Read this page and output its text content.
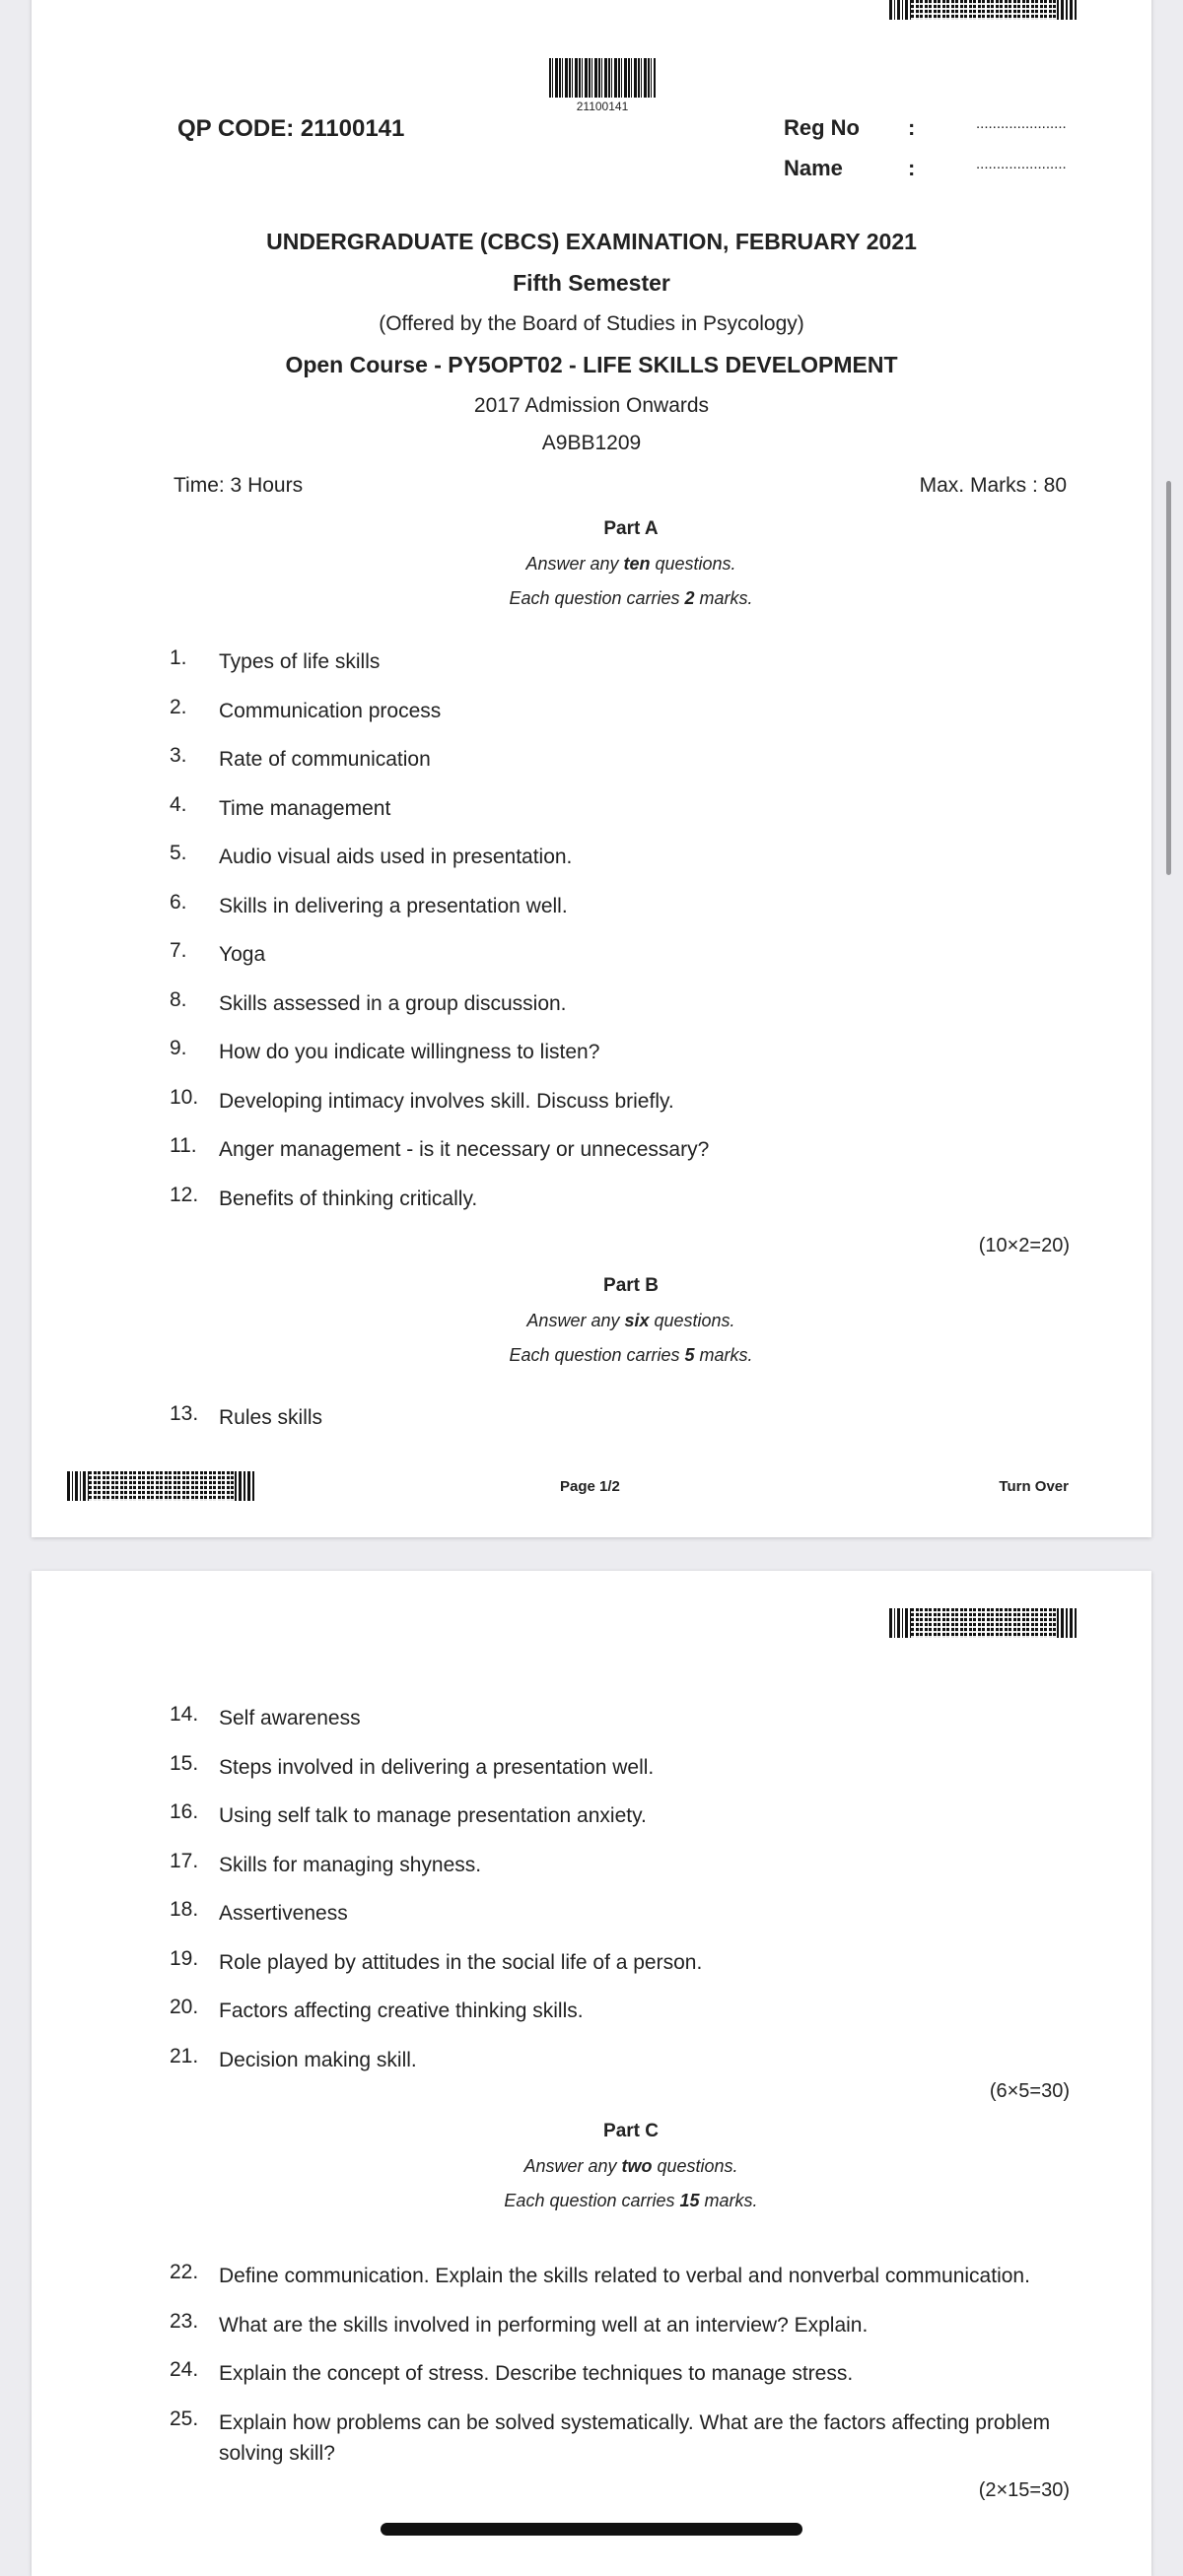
21100141
QP CODE: 21100141	Reg No :	......................
Name	:	......................
UNDERGRADUATE (CBCS) EXAMINATION, FEBRUARY 2021
Fifth Semester
(Offered by the Board of Studies in Psycology)
Open Course - PY5OPT02 - LIFE SKILLS DEVELOPMENT
2017 Admission Onwards
A9BB1209
Time: 3 Hours	Max. Marks : 80
Part A
Answer any ten questions.
Each question carries 2 marks.
(10×2=20)
Part B
Answer any six questions.
Each question carries 5 marks.
Page 1/2	Turn Over
1. Types of life skills
2. Communication process
3. Rate of communication
4. Time management
5. Audio visual aids used in presentation.
6. Skills in delivering a presentation well.
7. Yoga
8. Skills assessed in a group discussion.
9. How do you indicate willingness to listen?
10. Developing intimacy involves skill. Discuss briefly.
11. Anger management - is it necessary or unnecessary?
12. Benefits of thinking critically.
13. Rules skills
(6×5=30)
Part C
Answer any two questions.
Each question carries 15 marks.
(2×15=30)
14. Self awareness
15. Steps involved in delivering a presentation well.
16. Using self talk to manage presentation anxiety.
17. Skills for managing shyness.
18. Assertiveness
19. Role played by attitudes in the social life of a person.
20. Factors affecting creative thinking skills.
21. Decision making skill.
22. Define communication. Explain the skills related to verbal and nonverbal communication.
23. What are the skills involved in performing well at an interview? Explain.
24. Explain the concept of stress. Describe techniques to manage stress.
25. Explain how problems can be solved systematically. What are the factors affecting problem solving skill?
